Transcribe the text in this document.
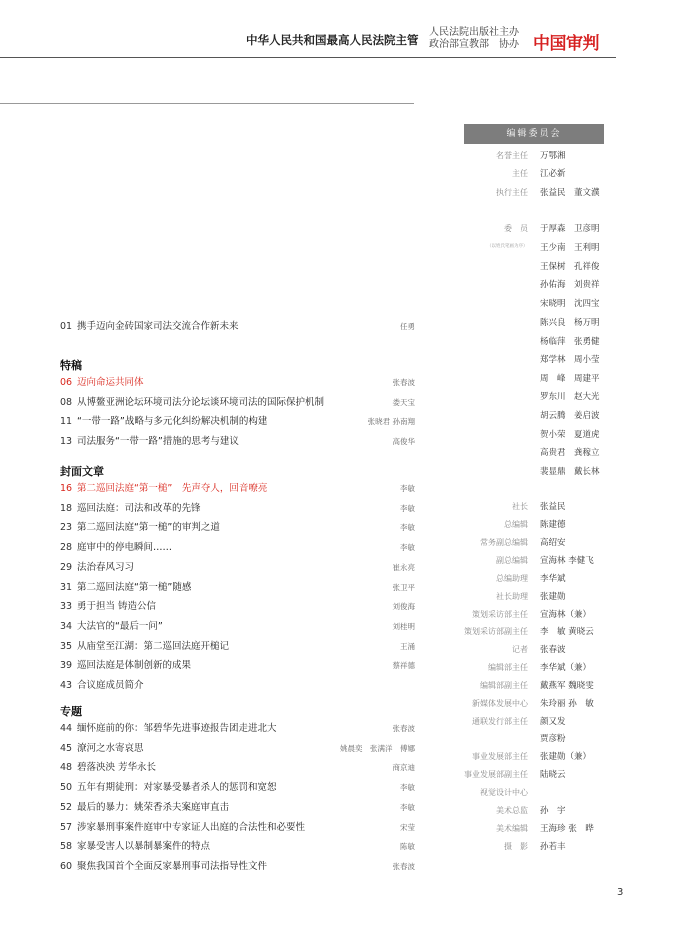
中华人民共和国最高人民法院主管
人民法院出版社主办
政治部宣教部　协办 中国审判
01 携手迈向金砖国家司法交流合作新未来	任勇
特稿
06 迈向命运共同体	张春波
08 从博鳌亚洲论坛环境司法分论坛谈环境司法的国际保护机制	娄天宝
11 “一带一路”战略与多元化纠纷解决机制的构建	张晓君 孙南翔
13 司法服务“一带一路”措施的思考与建议	高俊华
封面文章
16 第二巡回法庭“第一槌”　先声夺人，回音嘹亮	李敏
18 巡回法庭：司法和改革的先锋	李敏
23 第二巡回法庭“第一槌”的审判之道	李敏
28 庭审中的停电瞬间……	李敏
29 法治春风习习	崔永亮
31 第二巡回法庭“第一槌”随感	张卫平
33 勇于担当 铸造公信	刘俊海
34 大法官的“最后一问”	刘桂明
35 从庙堂至江湖：第二巡回法庭开槌记	王涌
39 巡回法庭是体制创新的成果	蔡祥德
43 合议庭成员简介
专题
44 缅怀庭前的你：邹碧华先进事迹报告团走进北大	张春波
45 潦河之水寄哀思	姚晨奕　张满洋　傅娜
48 碧落泱泱 芳华永长	商京迪
50 五年有期徒刑：对家暴受暴者杀人的惩罚和宽恕	李敏
52 最后的暴力：姚荣香杀夫案庭审直击	李敏
57 涉家暴刑事案件庭审中专家证人出庭的合法性和必要性	宋莹
58 家暴受害人以暴制暴案件的特点	陈敏
60 聚焦我国首个全面反家暴刑事司法指导性文件	张春波
编辑委员会
（以姓氏笔画为序）
名誉主任 万鄂湘
主任 江必新
执行主任 张益民　董文濮
委　员 于厚森　卫彦明
王少南　王利明
王保树　孔祥俊
孙佑海　刘贵祥
宋晓明　沈四宝
陈兴良　杨万明
杨临萍　张勇健
郑学林　周小莹
周　峰　周建平
罗东川　赵大光
胡云腾　姜启波
贺小荣　夏道虎
高贵君　龚稼立
裴显鼎　戴长林
社长 张益民
总编辑 陈建德
常务副总编辑 高绍安
副总编辑 宣海林 李健飞
总编助理 李华斌
社长助理 张建勋
策划采访部主任 宣海林（兼）
策划采访部副主任 李　敏 黄晓云
记者 张春波
编辑部主任 李华斌（兼）
编辑部副主任 戴燕军 魏晓雯
新媒体发展中心 朱玲丽 孙　敏
通联发行部主任 颜又发
贾彦粉
事业发展部主任 张建勋（兼）
事业发展部副主任 陆晓云
视觉设计中心
美术总监 孙　宇
美术编辑 王海珍 张　晔
摄　影 孙若丰
3
